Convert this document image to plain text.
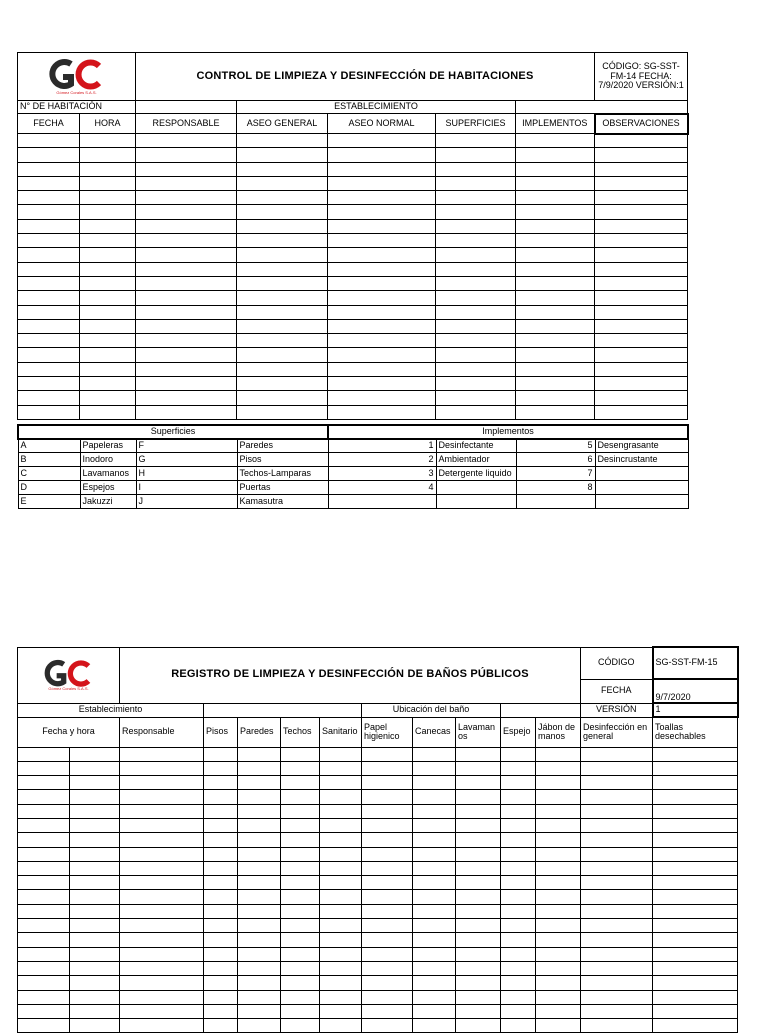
Gómez Corales S.A.S.		CONTROL DE LIMPIEZA Y DESINFECCIÓN DE HABITACIONES					CÓDIGO: SG-SST-FM-14 FECHA: 7/9/2020 VERSIÓN:1
N° DE HABITACIÓN			ESTABLECIMIENTO				
FECHA	HORA	RESPONSABLE	ASEO GENERAL	ASEO NORMAL	SUPERFICIES	IMPLEMENTOS	OBSERVACIONES

Superficies				Implementos			
A	Papeleras	F	Paredes	1	Desinfectante	5	Desengrasante
B	Inodoro	G	Pisos	2	Ambientador	6	Desincrustante
C	Lavamanos	H	Techos-Lamparas	3	Detergente liquido	7	
D	Espejos	I	Puertas	4		8	
E	Jakuzzi	J	Kamasutra				
Gómez Corales S.A.S.		REGISTRO DE LIMPIEZA Y DESINFECCIÓN DE BAÑOS PÚBLICOS										CÓDIGO	SG-SST-FM-15
												FECHA	9/7/2020
Establecimiento							Ubicación del baño					VERSIÓN	1
Fecha y hora		Responsable	Pisos	Paredes	Techos	Sanitario	Papel higienico	Canecas	Lavamanos	Espejo	Jábon de manos	Desinfección en general	Toallas desechables
